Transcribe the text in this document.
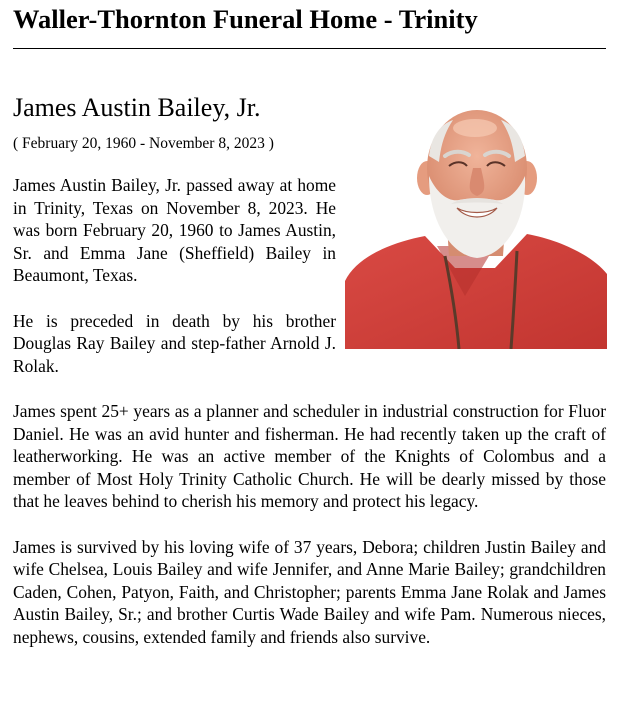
Waller-Thornton Funeral Home - Trinity
James Austin Bailey, Jr.

( February 20, 1960 - November 8, 2023 )

James Austin Bailey, Jr. passed away at home in Trinity, Texas on November 8, 2023. He was born February 20, 1960 to James Austin, Sr. and Emma Jane (Sheffield) Bailey in Beaumont, Texas.

He is preceded in death by his brother Douglas Ray Bailey and step-father Arnold J. Rolak.

James spent 25+ years as a planner and scheduler in industrial construction for Fluor Daniel. He was an avid hunter and fisherman. He had recently taken up the craft of leatherworking. He was an active member of the Knights of Colombus and a member of Most Holy Trinity Catholic Church. He will be dearly missed by those that he leaves behind to cherish his memory and protect his legacy.

James is survived by his loving wife of 37 years, Debora; children Justin Bailey and wife Chelsea, Louis Bailey and wife Jennifer, and Anne Marie Bailey; grandchildren Caden, Cohen, Patyon, Faith, and Christopher; parents Emma Jane Rolak and James Austin Bailey, Sr.; and brother Curtis Wade Bailey and wife Pam. Numerous nieces, nephews, cousins, extended family and friends also survive.
